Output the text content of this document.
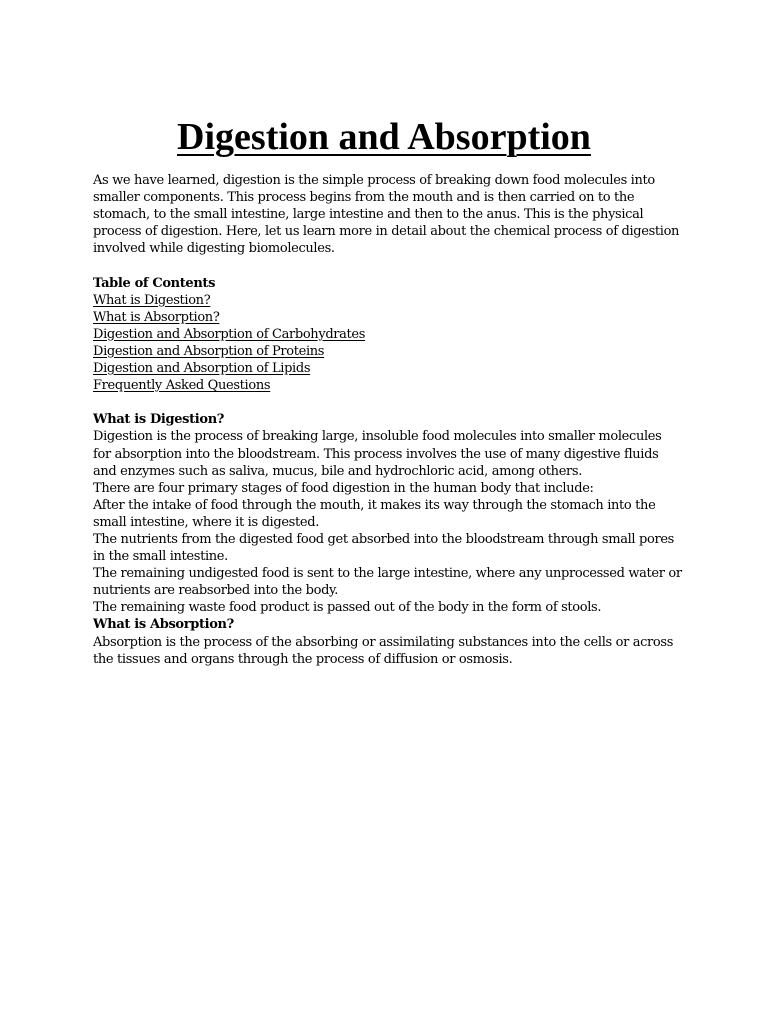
Digestion and Absorption

As we have learned, digestion is the simple process of breaking down food molecules into smaller components. This process begins from the mouth and is then carried on to the stomach, to the small intestine, large intestine and then to the anus. This is the physical process of digestion. Here, let us learn more in detail about the chemical process of digestion involved while digesting biomolecules.

Table of Contents

What is Digestion?
What is Absorption?
Digestion and Absorption of Carbohydrates
Digestion and Absorption of Proteins
Digestion and Absorption of Lipids
Frequently Asked Questions

What is Digestion?

Digestion is the process of breaking large, insoluble food molecules into smaller molecules for absorption into the bloodstream. This process involves the use of many digestive fluids and enzymes such as saliva, mucus, bile and hydrochloric acid, among others.

There are four primary stages of food digestion in the human body that include:

After the intake of food through the mouth, it makes its way through the stomach into the small intestine, where it is digested.

The nutrients from the digested food get absorbed into the bloodstream through small pores in the small intestine.

The remaining undigested food is sent to the large intestine, where any unprocessed water or nutrients are reabsorbed into the body.

The remaining waste food product is passed out of the body in the form of stools.

What is Absorption?

Absorption is the process of the absorbing or assimilating substances into the cells or across the tissues and organs through the process of diffusion or osmosis.
